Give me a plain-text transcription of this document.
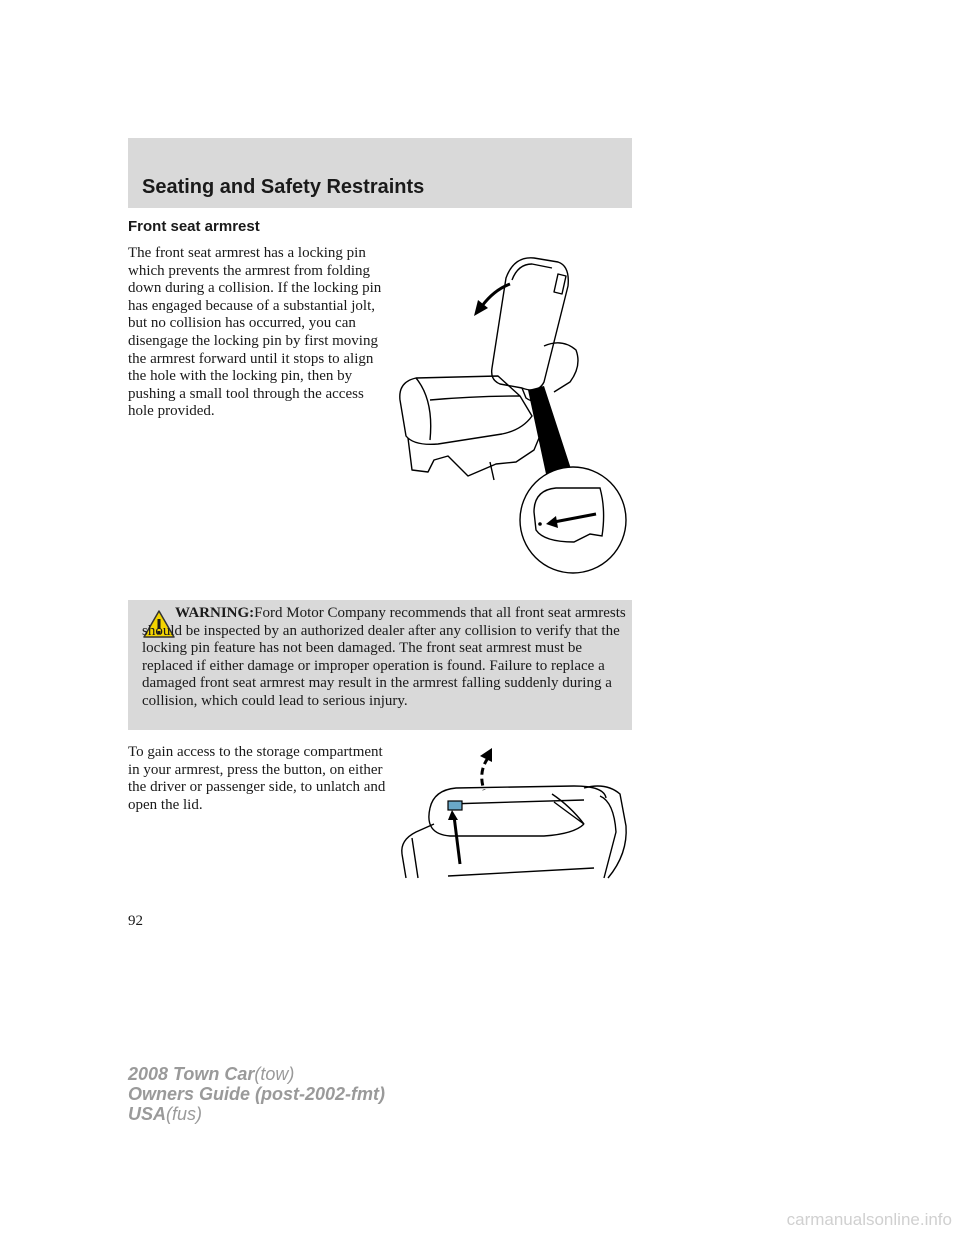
Seating and Safety Restraints
Front seat armrest

The front seat armrest has a locking pin which prevents the armrest from folding down during a collision. If the locking pin has engaged because of a substantial jolt, but no collision has occurred, you can disengage the locking pin by first moving the armrest forward until it stops to align the hole with the locking pin, then by pushing a small tool through the access hole provided.

WARNING:Ford Motor Company recommends that all front seat armrests should be inspected by an authorized dealer after any collision to verify that the locking pin feature has not been damaged. The front seat armrest must be replaced if either damage or improper operation is found. Failure to replace a damaged front seat armrest may result in the armrest falling suddenly during a collision, which could lead to serious injury.

To gain access to the storage compartment in your armrest, press the button, on either the driver or passenger side, to unlatch and open the lid.

92
2008 Town Car(tow)
Owners Guide (post-2002-fmt)
USA(fus)
carmanualsonline.info
